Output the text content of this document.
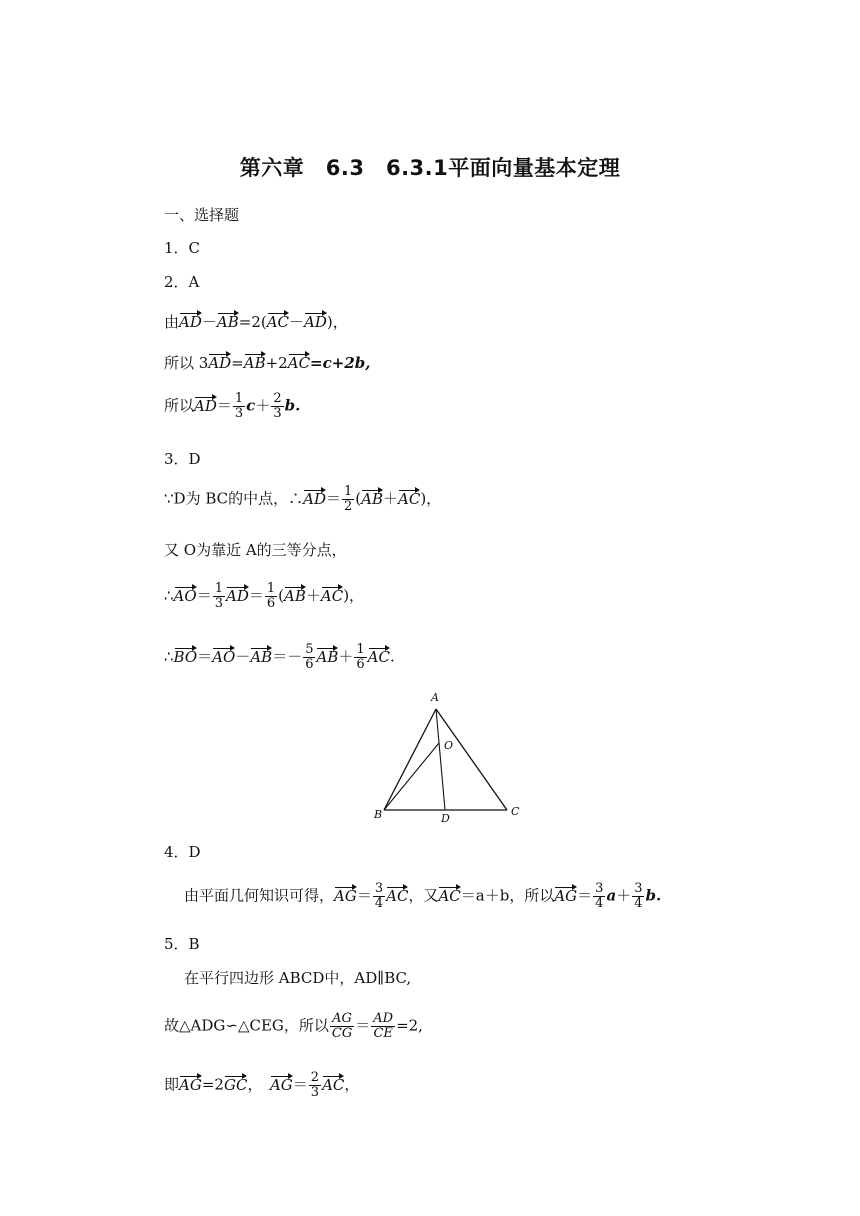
第六章　6.3　6.3.1平面向量基本定理
一、选择题
1．C
2．A
由AD－AB=2(AC－AD)，
所以 3AD=AB+2AC=c+2b,
所以$AD= \frac{1}{3} c+ \frac{2}{3} b$.
3．D
∵D为 BC的中点，∴AD＝ $\frac{1}{2} (AB+AC)$，
又 O为靠近 A的三等分点，
∴AO＝ $\frac{1}{3} AD= \frac{1}{6} (AB+AC)$，
∴BO＝AO－AB＝－ $\frac{5}{6} AB+ \frac{1}{6}$ AC.
A
O
B	D
C
4．D
由平面几何知识可得，$AG= \frac{3}{4}$ AC，又AC＝a＋b，所以$AG= \frac{3}{4} a+ \frac{3}{4} b$.
5．B
在平行四边形 ABCD中，AD∥BC,
故△ADG∽△CEG，所以 $\frac{AG}{CG} = \frac{AD}{CE} =2$,
即AG=2GC，　$AG= \frac{2}{3}$ AC，
